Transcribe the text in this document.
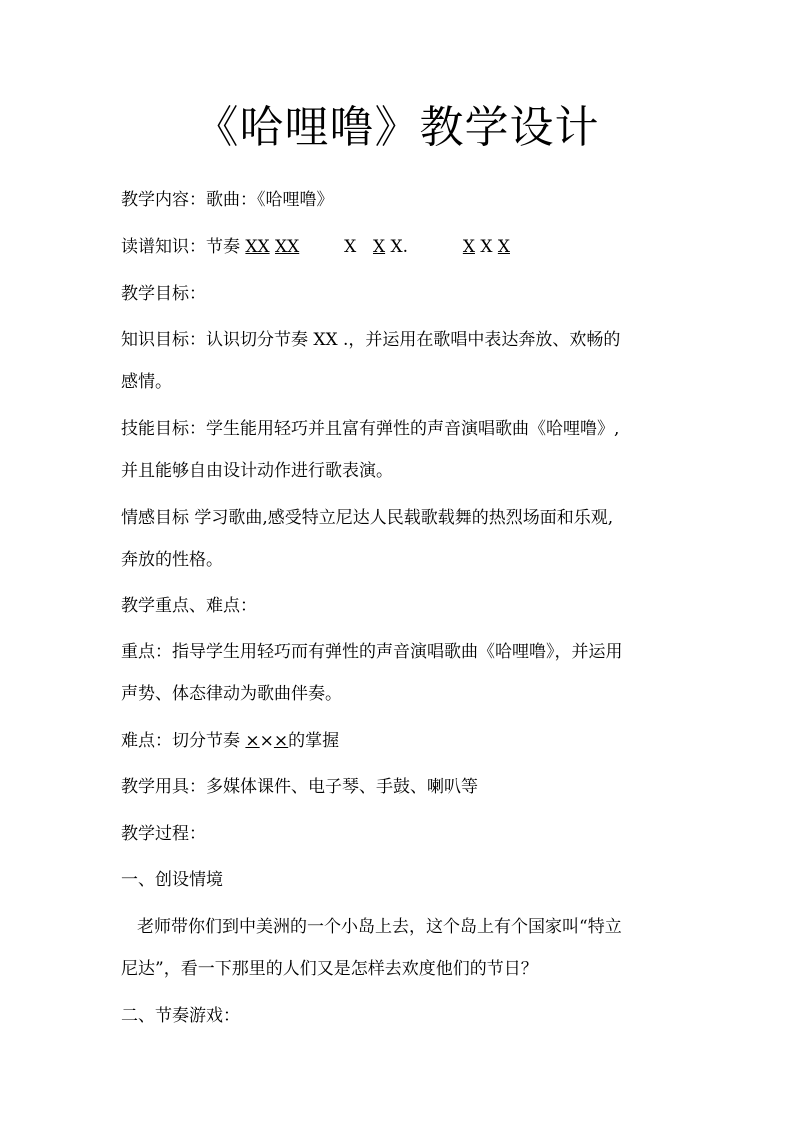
《哈哩噜》教学设计
教学内容：歌曲：《哈哩噜》
读谱知识：节奏 XX XX	X X X.	X X X
教学目标：
知识目标：认识切分节奏 XX .，并运用在歌唱中表达奔放、欢畅的
感情。
技能目标：学生能用轻巧并且富有弹性的声音演唱歌曲《哈哩噜》,
并且能够自由设计动作进行歌表演。
情感目标 学习歌曲,感受特立尼达人民载歌载舞的热烈场面和乐观,
奔放的性格。
教学重点、难点：
重点：指导学生用轻巧而有弹性的声音演唱歌曲《哈哩噜》，并运用
声势、体态律动为歌曲伴奏。
难点：切分节奏 ×××的掌握
教学用具：多媒体课件、电子琴、手鼓、喇叭等
教学过程：
一、创设情境
老师带你们到中美洲的一个小岛上去，这个岛上有个国家叫“特立
尼达”，看一下那里的人们又是怎样去欢度他们的节日？
二、节奏游戏：
